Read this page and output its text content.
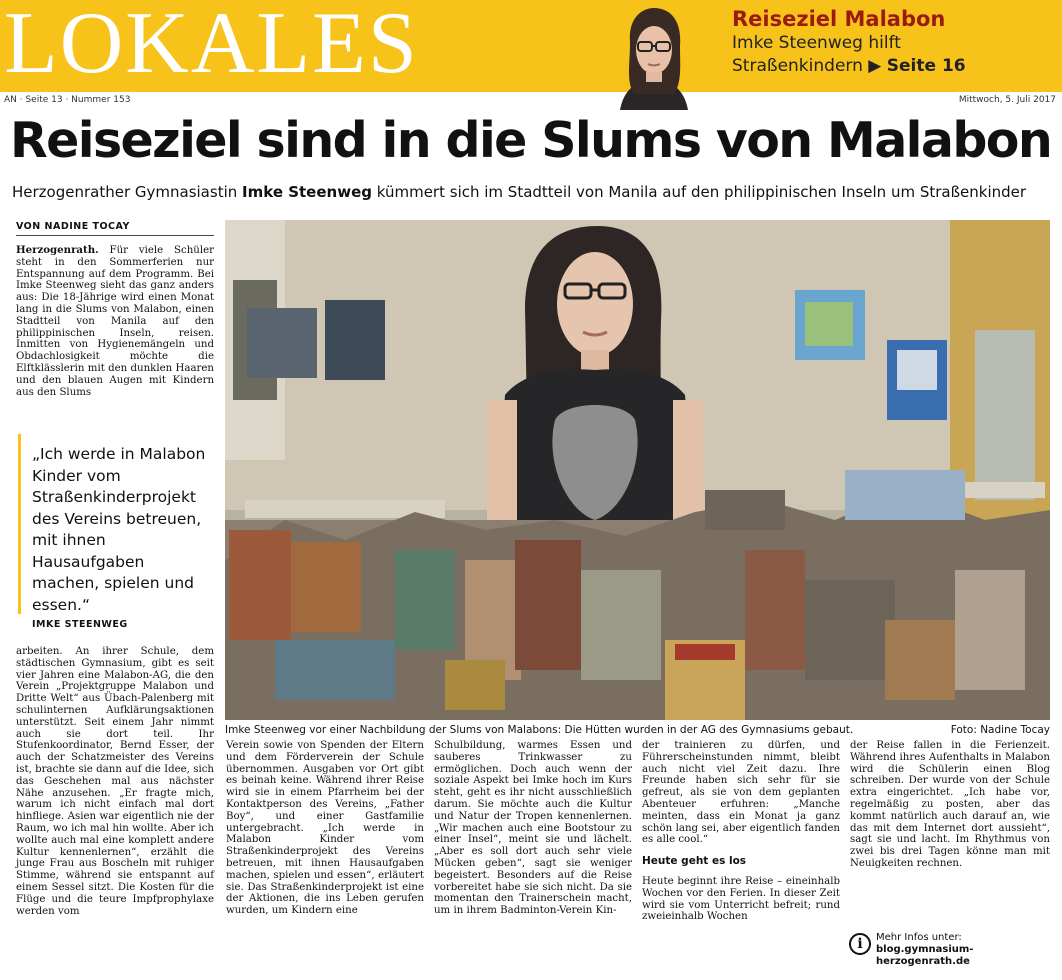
LOKALES	Reiseziel Malabon
Imke Steenweg hilft
Straßenkindern ▶ Seite 16
AN · Seite 13 · Nummer 153	Mittwoch, 5. Juli 2017
Reiseziel sind in die Slums von Malabon
Herzogenrather Gymnasiastin Imke Steenweg kümmert sich im Stadtteil von Manila auf den philippinischen Inseln um Straßenkinder
VON NADINE TOCAY
Herzogenrath. Für viele Schüler steht in den Sommerferien nur Entspannung auf dem Programm. Bei Imke Steenweg sieht das ganz anders aus: Die 18-Jährige wird einen Monat lang in die Slums von Malabon, einen Stadtteil von Manila auf den philippinischen Inseln, reisen. Inmitten von Hygienemängeln und Obdachlosigkeit möchte die Elftklässlerin mit den dunklen Haaren und den blauen Augen mit Kindern aus den Slums
„Ich werde in Malabon Kinder vom Straßenkinderprojekt des Vereins betreuen, mit ihnen Hausaufgaben machen, spielen und essen.“
IMKE STEENWEG
arbeiten. An ihrer Schule, dem städtischen Gymnasium, gibt es seit vier Jahren eine Malabon-AG, die den Verein „Projektgruppe Malabon und Dritte Welt“ aus Übach-Palenberg mit schulinternen Aufklärungsaktionen unterstützt. Seit einem Jahr nimmt auch sie dort teil. Ihr Stufenkoordinator, Bernd Esser, der auch der Schatzmeister des Vereins ist, brachte sie dann auf die Idee, sich das Geschehen mal aus nächster Nähe anzusehen. „Er fragte mich, warum ich nicht einfach mal dort hinfliege. Asien war eigentlich nie der Raum, wo ich mal hin wollte. Aber ich wollte auch mal eine komplett andere Kultur kennenlernen“, erzählt die junge Frau aus Boscheln mit ruhiger Stimme, während sie entspannt auf einem Sessel sitzt. Die Kosten für die Flüge und die teure Impfprophylaxe werden vom
Imke Steenweg vor einer Nachbildung der Slums von Malabons: Die Hütten wurden in der AG des Gymnasiums gebaut.	Foto: Nadine Tocay
Verein sowie von Spenden der Eltern und dem Förderverein der Schule übernommen. Ausgaben vor Ort gibt es beinah keine. Während ihrer Reise wird sie in einem Pfarrheim bei der Kontaktperson des Vereins, „Father Boy“, und einer Gastfamilie untergebracht. „Ich werde in Malabon Kinder vom Straßenkinderprojekt des Vereins betreuen, mit ihnen Hausaufgaben machen, spielen und essen“, erläutert sie. Das Straßenkinderprojekt ist eine der Aktionen, die ins Leben gerufen wurden, um Kindern eine
Schulbildung, warmes Essen und sauberes Trinkwasser zu ermöglichen. Doch auch wenn der soziale Aspekt bei Imke hoch im Kurs steht, geht es ihr nicht ausschließlich darum. Sie möchte auch die Kultur und Natur der Tropen kennenlernen. „Wir machen auch eine Bootstour zu einer Insel“, meint sie und lächelt. „Aber es soll dort auch sehr viele Mücken geben“, sagt sie weniger begeistert. Besonders auf die Reise vorbereitet habe sie sich nicht. Da sie momentan den Trainerschein macht, um in ihrem Badminton-Verein Kin-
der trainieren zu dürfen, und Führerscheinstunden nimmt, bleibt auch nicht viel Zeit dazu. Ihre Freunde haben sich sehr für sie gefreut, als sie von dem geplanten Abenteuer erfuhren: „Manche meinten, dass ein Monat ja ganz schön lang sei, aber eigentlich fanden es alle cool.“
Heute geht es los
Heute beginnt ihre Reise – eineinhalb Wochen vor den Ferien. In dieser Zeit wird sie vom Unterricht befreit; rund zweieinhalb Wochen
der Reise fallen in die Ferienzeit. Während ihres Aufenthalts in Malabon wird die Schülerin einen Blog schreiben. Der wurde von der Schule extra eingerichtet. „Ich habe vor, regelmäßig zu posten, aber das kommt natürlich auch darauf an, wie das mit dem Internet dort aussieht“, sagt sie und lacht. Im Rhythmus von zwei bis drei Tagen könne man mit Neuigkeiten rechnen.
i	Mehr Infos unter:
blog.gymnasium-herzogenrath.de
